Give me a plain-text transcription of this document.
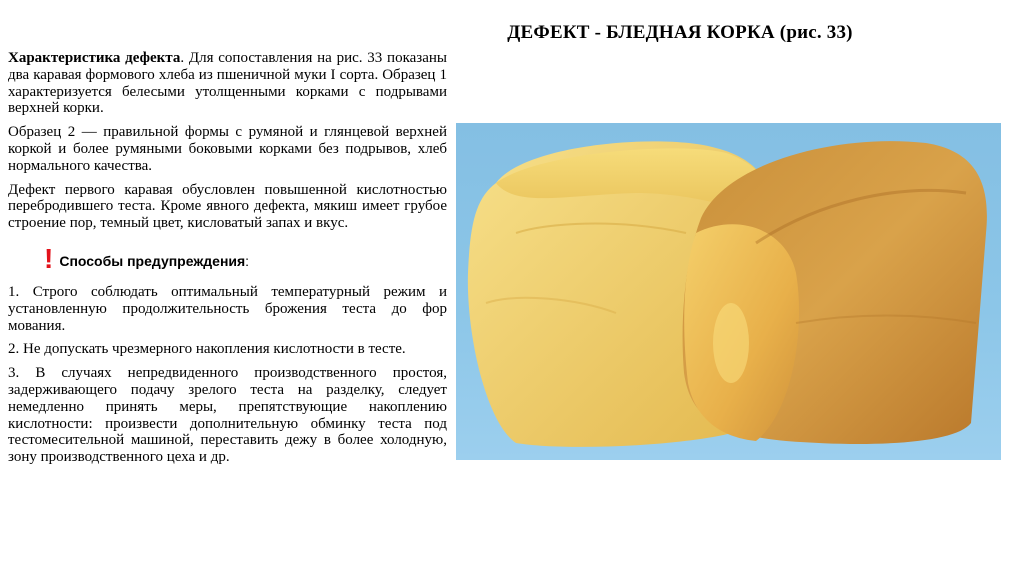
ДЕФЕКТ - БЛЕДНАЯ КОРКА (рис. 33)

Характеристика дефекта. Для сопоставления на рис. 33 показаны два каравая формового хлеба из пшеничной муки I сорта. Образец 1 характеризуется белесыми утолщенными корками с подрывами верхней корки.

Образец 2 — правильной формы с румяной и глянцевой верхней коркой и более румяными боковыми корками без подрывов, хлеб нормального качества.

Дефект первого каравая обусловлен повышенной кислотностью перебродившего теста. Кроме явного дефекта, мякиш имеет грубое строение пор, темный цвет, кисловатый запах и вкус.

! Способы предупреждения :

1. Строго соблюдать оптимальный температурный режим и установленную продолжительность брожения теста до фор мования.

2. Не допускать чрезмерного накопления кислотности в тесте.

3. В случаях непредвиденного производственного простоя, задерживающего подачу зрелого теста на разделку, следует немедленно принять меры, препятствующие накоплению кислотности: произвести дополнительную обминку теста под тестомесительной машиной, переставить дежу в более холодную, зону производственного цеха и др.
